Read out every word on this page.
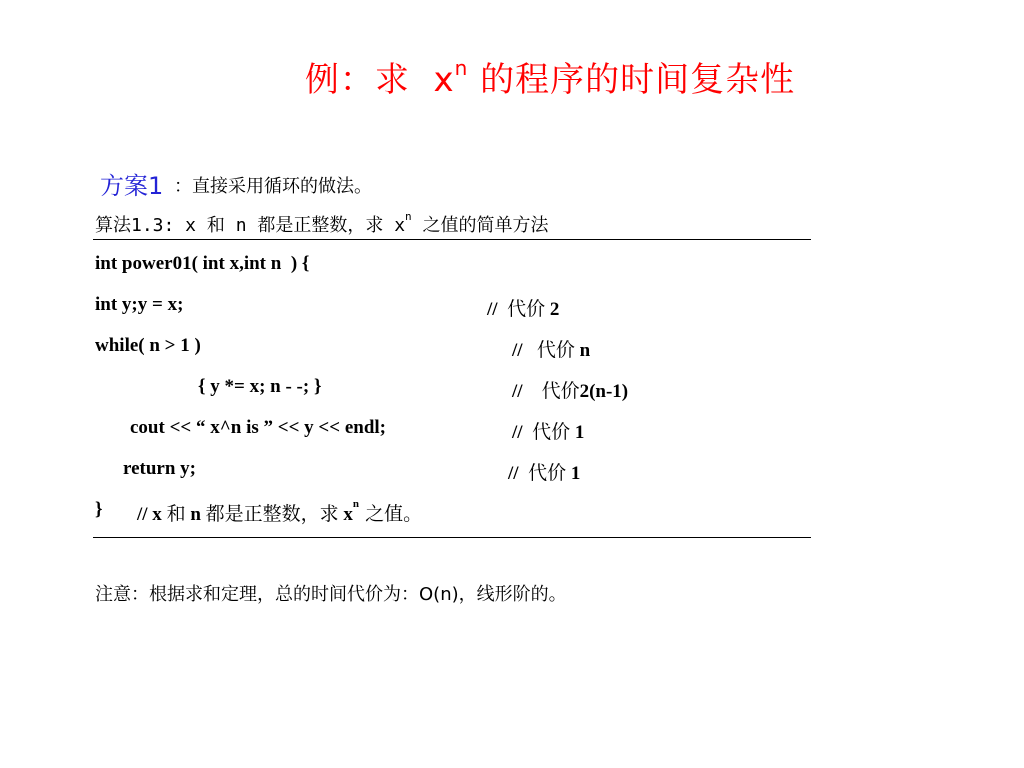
例：求  $x^n$ 的程序的时间复杂性
方案1 ：直接采用循环的做法。
算法1.3: x 和 n 都是正整数，求 $x^n$ 之值的简单方法
int power01( int x,int n  ) {
int y;y = x;	//  代价 2
while( n > 1 )	//   代价 n
{ y *= x; n - -; }	//    代价2(n-1)
cout << “ x^n is ” << y << endl;	//  代价 1
return y;	//  代价 1
} // x 和 n 都是正整数，求 $x^n$ 之值。
注意：根据求和定理，总的时间代价为：O(n)，线形阶的。
